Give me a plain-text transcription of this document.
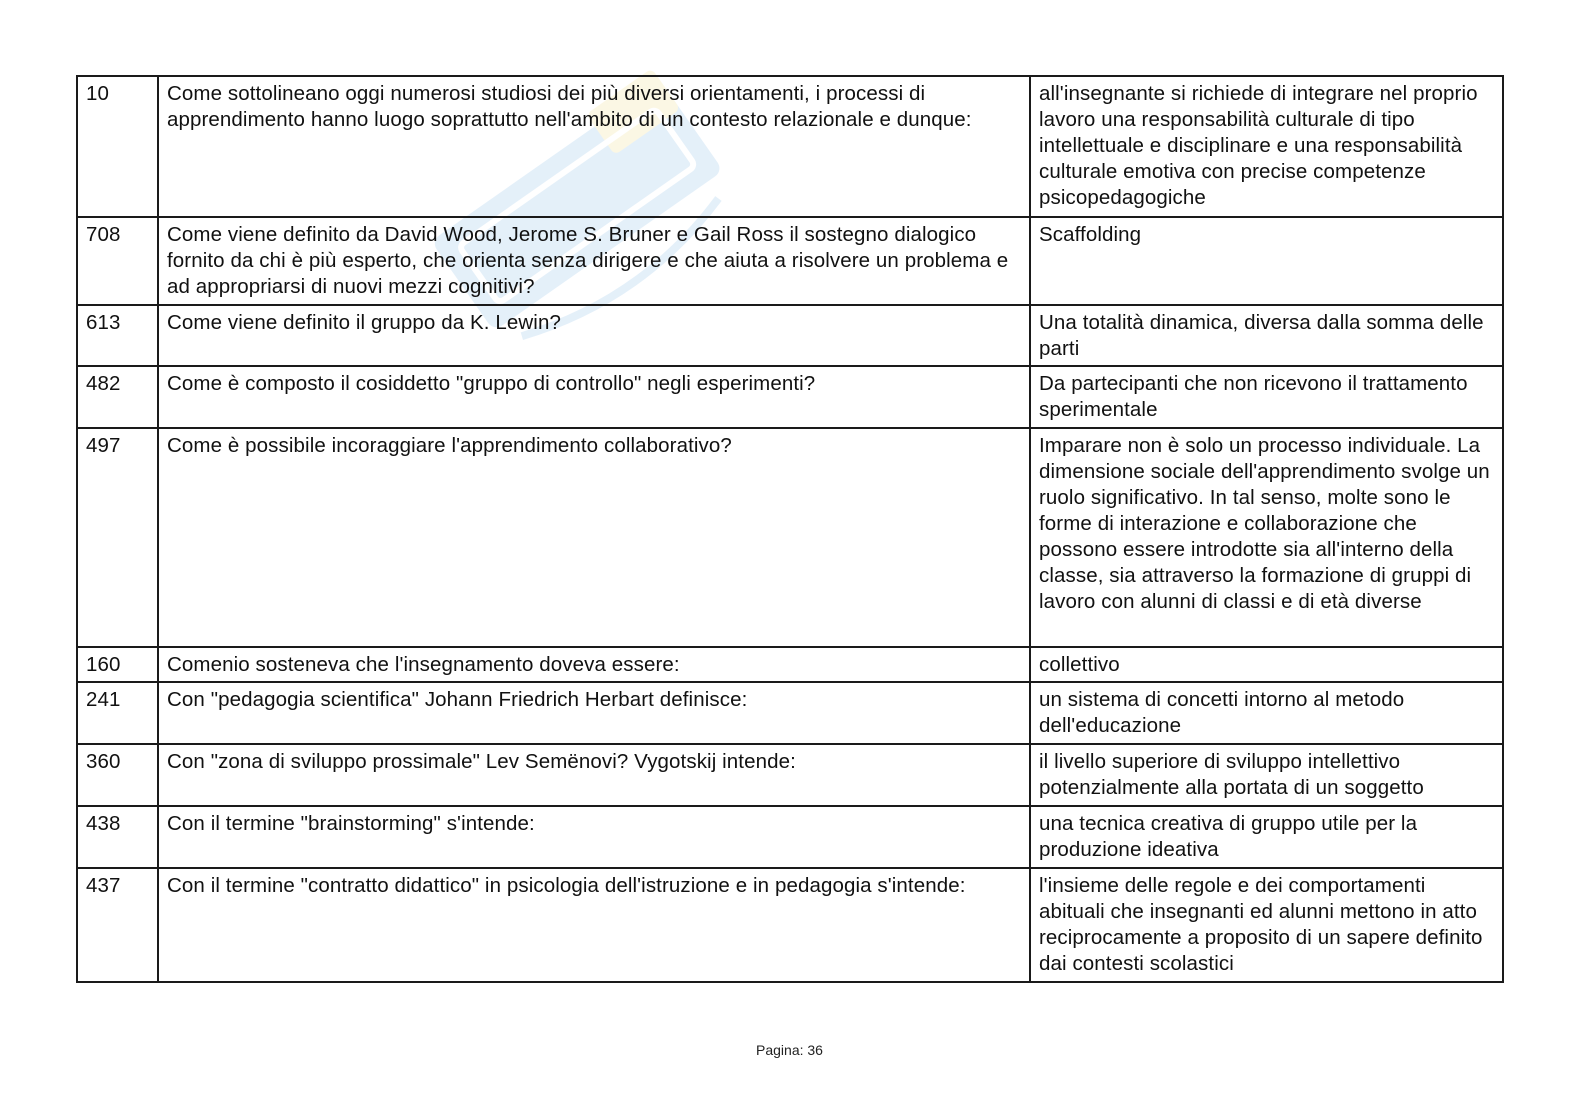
10	Come sottolineano oggi numerosi studiosi dei più diversi orientamenti, i processi di apprendimento hanno luogo soprattutto nell'ambito di un contesto relazionale e dunque:	all'insegnante si richiede di integrare nel proprio lavoro una responsabilità culturale di tipo intellettuale e disciplinare e una responsabilità culturale emotiva con precise competenze psicopedagogiche
708	Come viene definito da David Wood, Jerome S. Bruner e Gail Ross il sostegno dialogico fornito da chi è più esperto, che orienta senza dirigere e che aiuta a risolvere un problema e ad appropriarsi di nuovi mezzi cognitivi?	Scaffolding
613	Come viene definito il gruppo da K. Lewin?	Una totalità dinamica, diversa dalla somma delle parti
482	Come è composto il cosiddetto "gruppo di controllo" negli esperimenti?	Da partecipanti che non ricevono il trattamento sperimentale
497	Come è possibile incoraggiare l'apprendimento collaborativo?	Imparare non è solo un processo individuale. La dimensione sociale dell'apprendimento svolge un ruolo significativo. In tal senso, molte sono le forme di interazione e collaborazione che possono essere introdotte sia all'interno della classe, sia attraverso la formazione di gruppi di lavoro con alunni di classi e di età diverse
160	Comenio sosteneva che l'insegnamento doveva essere:	collettivo
241	Con "pedagogia scientifica" Johann Friedrich Herbart definisce:	un sistema di concetti intorno al metodo dell'educazione
360	Con "zona di sviluppo prossimale" Lev Semënovi? Vygotskij intende:	il livello superiore di sviluppo intellettivo potenzialmente alla portata di un soggetto
438	Con il termine "brainstorming" s'intende:	una tecnica creativa di gruppo utile per la produzione ideativa
437	Con il termine "contratto didattico" in psicologia dell'istruzione e in pedagogia s'intende:	l'insieme delle regole e dei comportamenti abituali che insegnanti ed alunni mettono in atto reciprocamente a proposito di un sapere definito dai contesti scolastici
Pagina: 36
